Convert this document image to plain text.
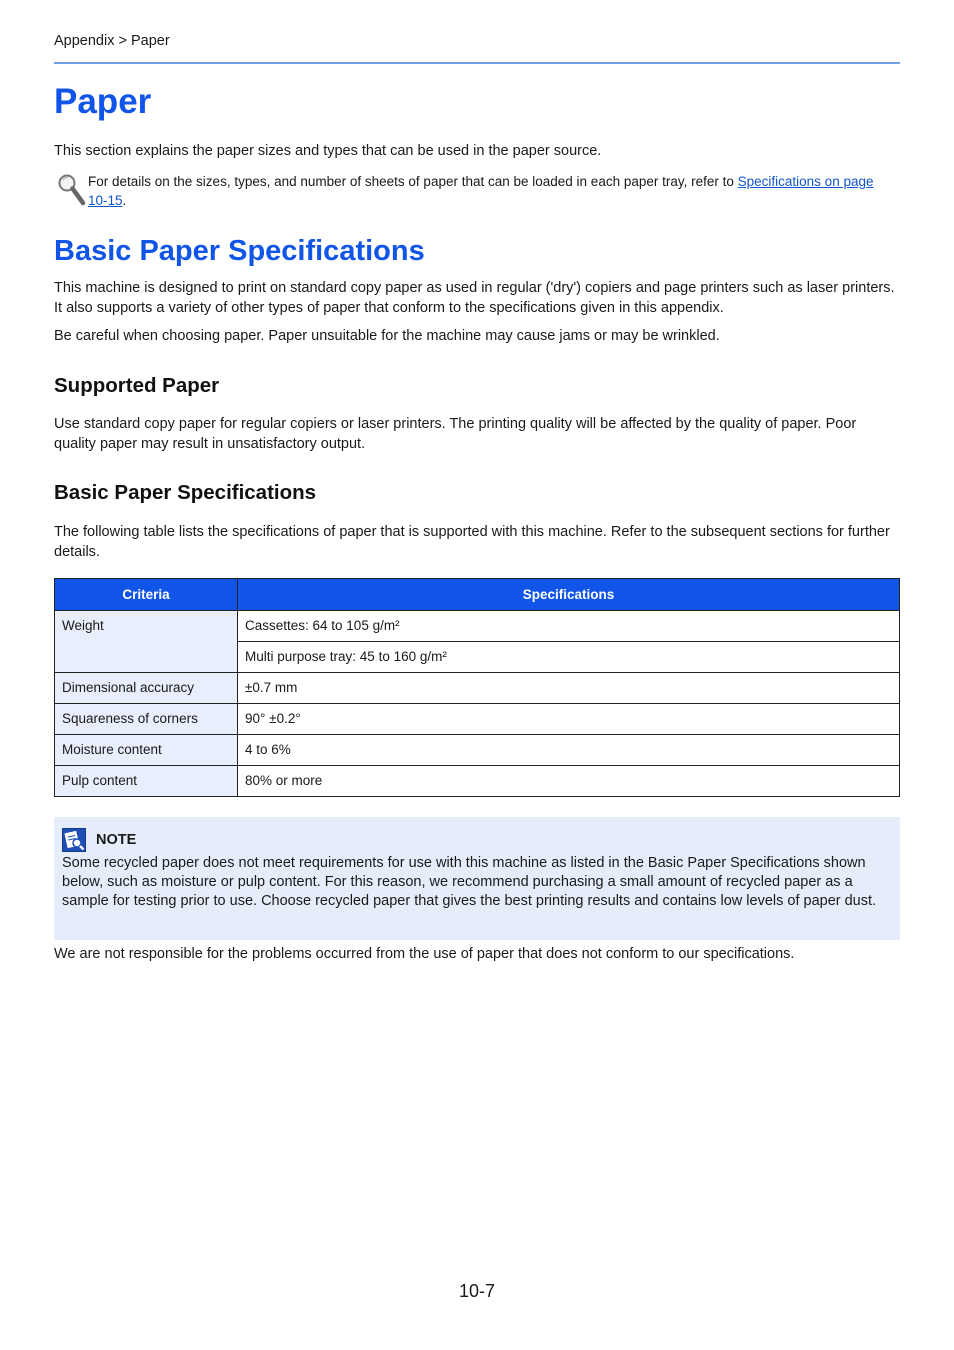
Appendix > Paper
Paper
This section explains the paper sizes and types that can be used in the paper source.
For details on the sizes, types, and number of sheets of paper that can be loaded in each paper tray, refer to Specifications on page 10-15.
Basic Paper Specifications
This machine is designed to print on standard copy paper as used in regular ('dry') copiers and page printers such as laser printers. It also supports a variety of other types of paper that conform to the specifications given in this appendix.
Be careful when choosing paper. Paper unsuitable for the machine may cause jams or may be wrinkled.
Supported Paper
Use standard copy paper for regular copiers or laser printers. The printing quality will be affected by the quality of paper. Poor quality paper may result in unsatisfactory output.
Basic Paper Specifications
The following table lists the specifications of paper that is supported with this machine. Refer to the subsequent sections for further details.
Criteria	Specifications
Weight	Cassettes: 64 to 105 g/m²
	Multi purpose tray: 45 to 160 g/m²
Dimensional accuracy	±0.7 mm
Squareness of corners	90° ±0.2°
Moisture content	4 to 6%
Pulp content	80% or more
NOTE
Some recycled paper does not meet requirements for use with this machine as listed in the Basic Paper Specifications shown below, such as moisture or pulp content. For this reason, we recommend purchasing a small amount of recycled paper as a sample for testing prior to use. Choose recycled paper that gives the best printing results and contains low levels of paper dust.
We are not responsible for the problems occurred from the use of paper that does not conform to our specifications.
10-7
